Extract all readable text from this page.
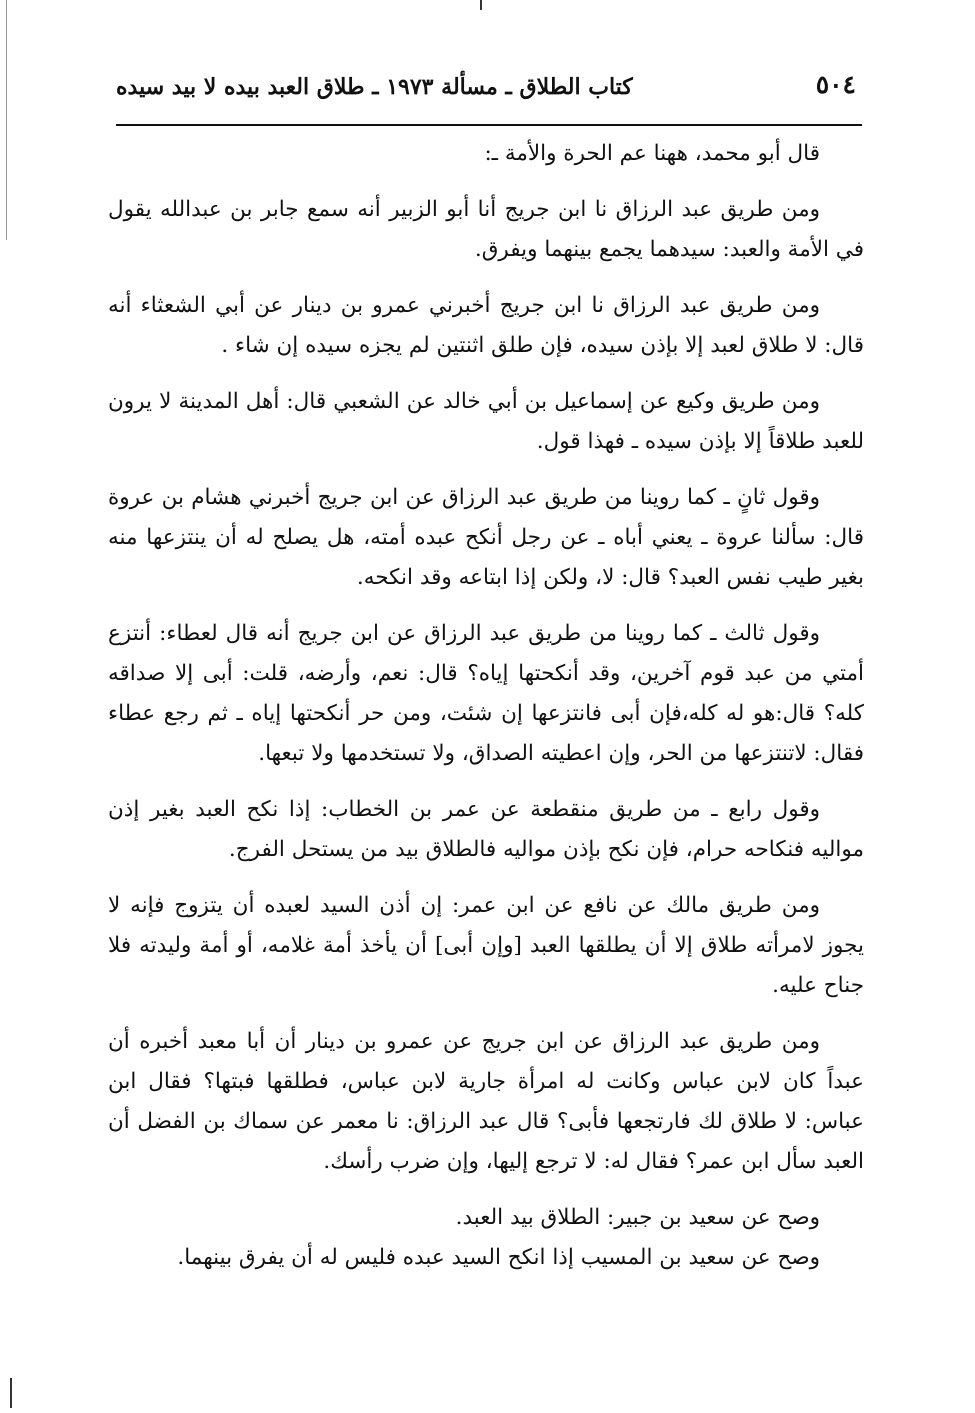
٥٠٤
كتاب الطلاق ـ مسألة ١٩٧٣ ـ طلاق العبد بيده لا بيد سيده

قال أبو محمد، ههنا عم الحرة والأمة ـ:

ومن طريق عبد الرزاق نا ابن جريج أنا أبو الزبير أنه سمع جابر بن عبدالله يقول في الأمة والعبد: سيدهما يجمع بينهما ويفرق.

ومن طريق عبد الرزاق نا ابن جريج أخبرني عمرو بن دينار عن أبي الشعثاء أنه قال: لا طلاق لعبد إلا بإذن سيده، فإن طلق اثنتين لم يجزه سيده إن شاء .

ومن طريق وكيع عن إسماعيل بن أبي خالد عن الشعبي قال: أهل المدينة لا يرون للعبد طلاقاً إلا بإذن سيده ـ فهذا قول.

وقول ثانٍ ـ كما روينا من طريق عبد الرزاق عن ابن جريج أخبرني هشام بن عروة قال: سألنا عروة ـ يعني أباه ـ عن رجل أنكح عبده أمته، هل يصلح له أن ينتزعها منه بغير طيب نفس العبد؟ قال: لا، ولكن إذا ابتاعه وقد انكحه.

وقول ثالث ـ كما روينا من طريق عبد الرزاق عن ابن جريج أنه قال لعطاء: أنتزع أمتي من عبد قوم آخرين، وقد أنكحتها إياه؟ قال: نعم، وأرضه، قلت: أبى إلا صداقه كله؟ قال:هو له كله،فإن أبى فانتزعها إن شئت، ومن حر أنكحتها إياه ـ ثم رجع عطاء فقال: لاتنتزعها من الحر، وإن اعطيته الصداق، ولا تستخدمها ولا تبعها.

وقول رابع ـ من طريق منقطعة عن عمر بن الخطاب: إذا نكح العبد بغير إذن مواليه فنكاحه حرام، فإن نكح بإذن مواليه فالطلاق بيد من يستحل الفرج.

ومن طريق مالك عن نافع عن ابن عمر: إن أذن السيد لعبده أن يتزوج فإنه لا يجوز لامرأته طلاق إلا أن يطلقها العبد [وإن أبى] أن يأخذ أمة غلامه، أو أمة وليدته فلا جناح عليه.

ومن طريق عبد الرزاق عن ابن جريج عن عمرو بن دينار أن أبا معبد أخبره أن عبداً كان لابن عباس وكانت له امرأة جارية لابن عباس، فطلقها فبتها؟ فقال ابن عباس: لا طلاق لك فارتجعها فأبى؟ قال عبد الرزاق: نا معمر عن سماك بن الفضل أن العبد سأل ابن عمر؟ فقال له: لا ترجع إليها، وإن ضرب رأسك.

وصح عن سعيد بن جبير: الطلاق بيد العبد.

وصح عن سعيد بن المسيب إذا انكح السيد عبده فليس له أن يفرق بينهما.
